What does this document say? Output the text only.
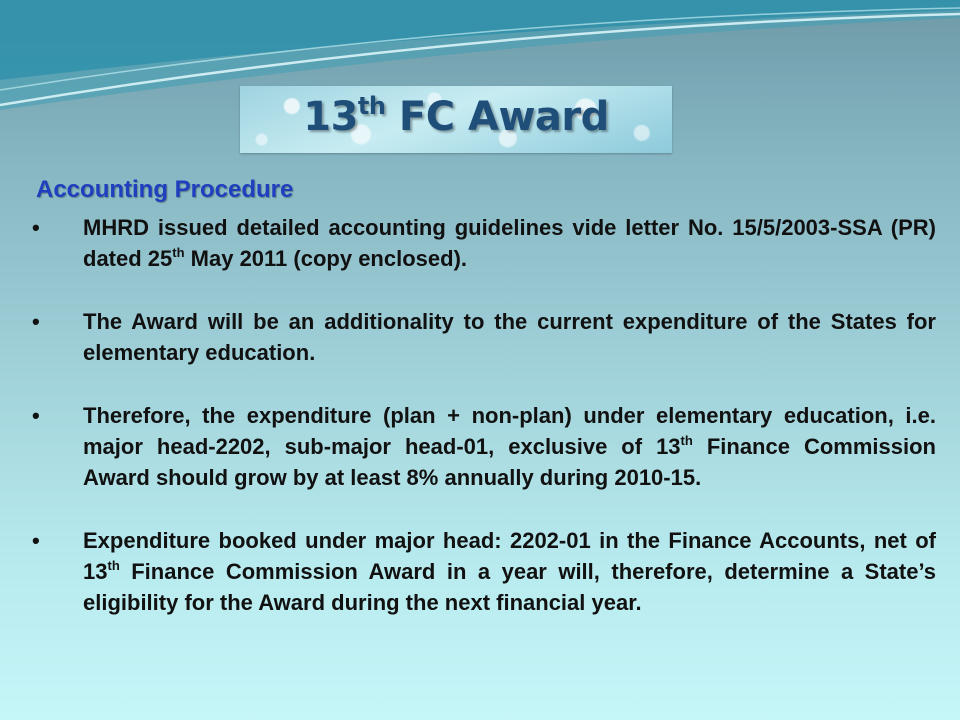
13th FC Award
Accounting Procedure
• MHRD issued detailed accounting guidelines vide letter No. 15/5/2003-SSA (PR) dated 25th May 2011 (copy enclosed).
• The Award will be an additionality to the current expenditure of the States for elementary education.
• Therefore, the expenditure (plan + non-plan) under elementary education, i.e. major head-2202, sub-major head-01, exclusive of 13th Finance Commission Award should grow by at least 8% annually during 2010-15.
• Expenditure booked under major head: 2202-01 in the Finance Accounts, net of 13th Finance Commission Award in a year will, therefore, determine a State’s eligibility for the Award during the next financial year.
